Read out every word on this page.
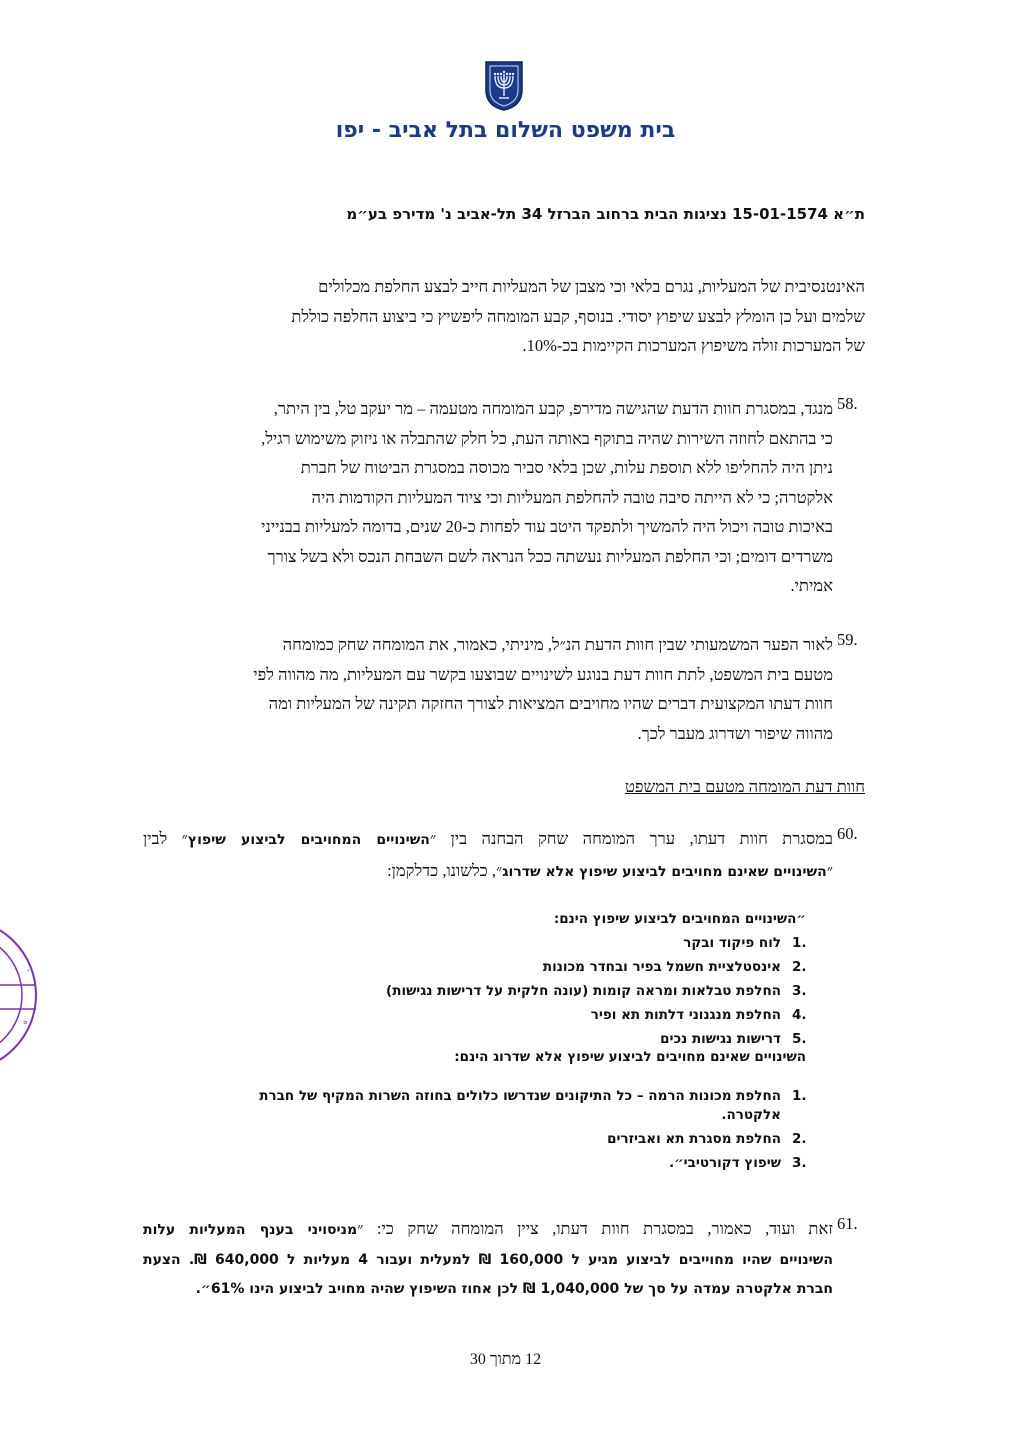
בית משפט השלום בתל אביב - יפו
ת״א 15-01-1574 נציגות הבית ברחוב הברזל 34 תל-אביב נ' מדירפ בע״מ
האינטנסיבית של המעליות, נגרם בלאי וכי מצבן של המעליות חייב לבצע החלפת מכלולים
שלמים ועל כן הומלץ לבצע שיפוץ יסודי. בנוסף, קבע המומחה ליפשיץ כי ביצוע החלפה כוללת
של המערכות זולה משיפוץ המערכות הקיימות בכ-10%.
58.
מנגד, במסגרת חוות הדעת שהגישה מדירפ, קבע המומחה מטעמה – מר יעקב טל, בין היתר,
כי בהתאם לחוזה השירות שהיה בתוקף באותה העת, כל חלק שהתבלה או ניזוק משימוש רגיל,
ניתן היה להחליפו ללא תוספת עלות, שכן בלאי סביר מכוסה במסגרת הביטוח של חברת
אלקטרה; כי לא הייתה סיבה טובה להחלפת המעליות וכי ציוד המעליות הקודמות היה
באיכות טובה ויכול היה להמשיך ולתפקד היטב עוד לפחות כ-20 שנים, בדומה למעליות בבנייני
משרדים דומים; וכי החלפת המעליות נעשתה ככל הנראה לשם השבחת הנכס ולא בשל צורך
אמיתי.
59.
לאור הפער המשמעותי שבין חוות הדעת הנ״ל, מיניתי, כאמור, את המומחה שחק כמומחה
מטעם בית המשפט, לתת חוות דעת בנוגע לשינויים שבוצעו בקשר עם המעליות, מה מהווה לפי
חוות דעתו המקצועית דברים שהיו מחויבים המציאות לצורך החזקה תקינה של המעליות ומה
מהווה שיפור ושדרוג מעבר לכך.
חוות דעת המומחה מטעם בית המשפט
60.
במסגרת חוות דעתו, ערך המומחה שחק הבחנה בין ״השינויים המחויבים לביצוע שיפוץ״ לבין
״השינויים שאינם מחויבים לביצוע שיפוץ אלא שדרוג״, כלשונו, כדלקמן:
״השינויים המחויבים לביצוע שיפוץ הינם:
1.
לוח פיקוד ובקר
2.
אינסטלציית חשמל בפיר ובחדר מכונות
3.
החלפת טבלאות ומראה קומות (עונה חלקית על דרישות נגישות)
4.
החלפת מנגנוני דלתות תא ופיר
5.
דרישות נגישות נכים
השינויים שאינם מחויבים לביצוע שיפוץ אלא שדרוג הינם:
1.
החלפת מכונות הרמה – כל התיקונים שנדרשו כלולים בחוזה השרות המקיף של חברת
אלקטרה.
2.
החלפת מסגרת תא ואביזרים
3.
שיפוץ דקורטיבי״.
61.
זאת ועוד, כאמור, במסגרת חוות דעתו, ציין המומחה שחק כי: ״מניסויני בענף המעליות עלות
השינויים שהיו מחוייבים לביצוע מגיע ל 160,000 ₪ למעלית ועבור 4 מעליות ל 640,000 ₪. הצעת
חברת אלקטרה עמדה על סך של 1,040,000 ₪ לכן אחוז השיפוץ שהיה מחויב לביצוע הינו 61%״.
.
°
12 מתוך 30
